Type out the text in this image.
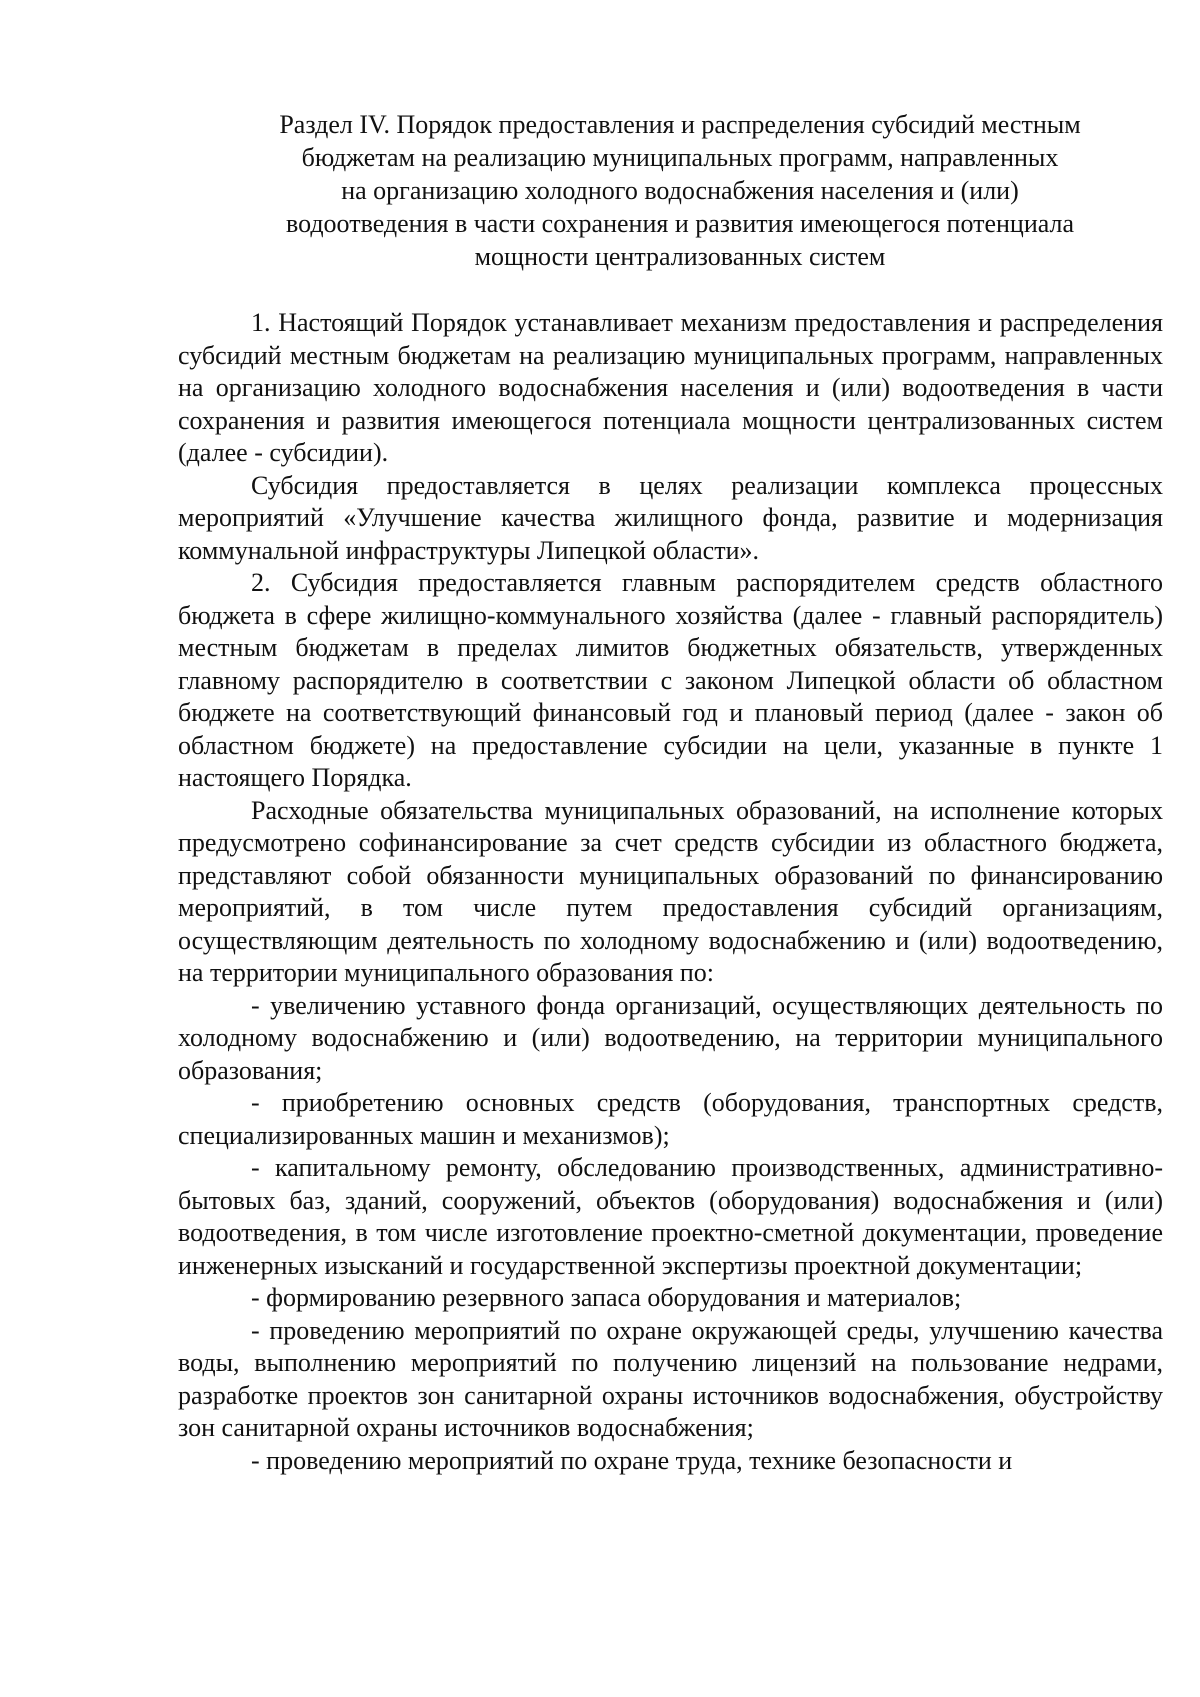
Раздел IV. Порядок предоставления и распределения субсидий местным
бюджетам на реализацию муниципальных программ, направленных
на организацию холодного водоснабжения населения и (или)
водоотведения в части сохранения и развития имеющегося потенциала
мощности централизованных систем

1. Настоящий Порядок устанавливает механизм предоставления и распределения субсидий местным бюджетам на реализацию муниципальных программ, направленных на организацию холодного водоснабжения населения и (или) водоотведения в части сохранения и развития имеющегося потенциала мощности централизованных систем (далее - субсидии).

Субсидия предоставляется в целях реализации комплекса процессных мероприятий «Улучшение качества жилищного фонда, развитие и модернизация коммунальной инфраструктуры Липецкой области».

2. Субсидия предоставляется главным распорядителем средств областного бюджета в сфере жилищно-коммунального хозяйства (далее - главный распорядитель) местным бюджетам в пределах лимитов бюджетных обязательств, утвержденных главному распорядителю в соответствии с законом Липецкой области об областном бюджете на соответствующий финансовый год и плановый период (далее - закон об областном бюджете) на предоставление субсидии на цели, указанные в пункте 1 настоящего Порядка.

Расходные обязательства муниципальных образований, на исполнение которых предусмотрено софинансирование за счет средств субсидии из областного бюджета, представляют собой обязанности муниципальных образований по финансированию мероприятий, в том числе путем предоставления субсидий организациям, осуществляющим деятельность по холодному водоснабжению и (или) водоотведению, на территории муниципального образования по:

- увеличению уставного фонда организаций, осуществляющих деятельность по холодному водоснабжению и (или) водоотведению, на территории муниципального образования;

- приобретению основных средств (оборудования, транспортных средств, специализированных машин и механизмов);

- капитальному ремонту, обследованию производственных, административно-бытовых баз, зданий, сооружений, объектов (оборудования) водоснабжения и (или) водоотведения, в том числе изготовление проектно-сметной документации, проведение инженерных изысканий и государственной экспертизы проектной документации;

- формированию резервного запаса оборудования и материалов;

- проведению мероприятий по охране окружающей среды, улучшению качества воды, выполнению мероприятий по получению лицензий на пользование недрами, разработке проектов зон санитарной охраны источников водоснабжения, обустройству зон санитарной охраны источников водоснабжения;

- проведению мероприятий по охране труда, технике безопасности и
